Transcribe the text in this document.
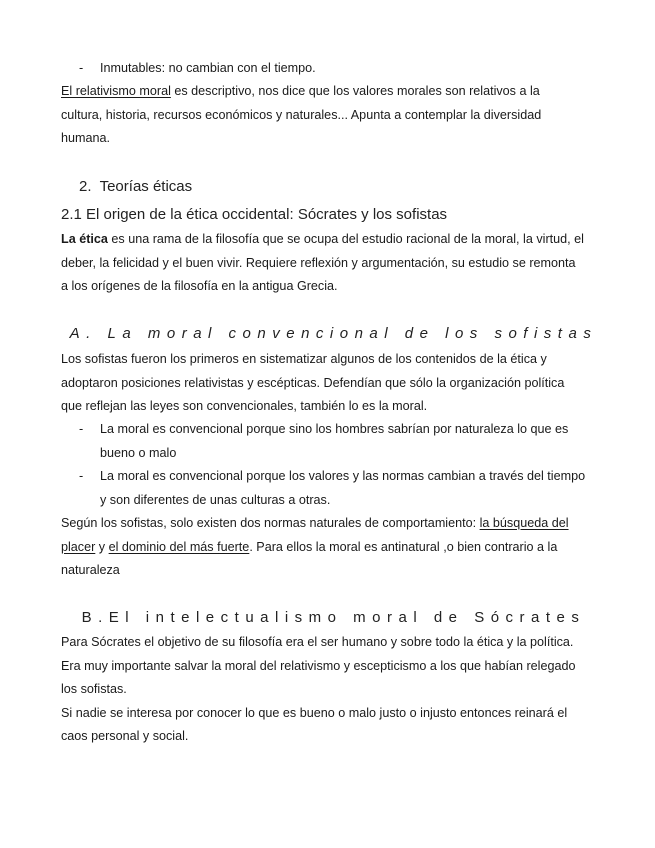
- Inmutables: no cambian con el tiempo.

El relativismo moral es descriptivo, nos dice que los valores morales son relativos a la
cultura, historia, recursos económicos y naturales... Apunta a contemplar la diversidad
humana.

2. Teorías éticas
2.1 El origen de la ética occidental: Sócrates y los sofistas

La ética es una rama de la filosofía que se ocupa del estudio racional de la moral, la virtud, el
deber, la felicidad y el buen vivir. Requiere reflexión y argumentación, su estudio se remonta
a los orígenes de la filosofía en la antigua Grecia.

A. La moral convencional de los sofistas

Los sofistas fueron los primeros en sistematizar algunos de los contenidos de la ética y
adoptaron posiciones relativistas y escépticas. Defendían que sólo la organización política
que reflejan las leyes son convencionales, también lo es la moral.

- La moral es convencional porque sino los hombres sabrían por naturaleza lo que es
bueno o malo
- La moral es convencional porque los valores y las normas cambian a través del tiempo
y son diferentes de unas culturas a otras.

Según los sofistas, solo existen dos normas naturales de comportamiento: la búsqueda del
placer y el dominio del más fuerte. Para ellos la moral es antinatural ,o bien contrario a la
naturaleza

B.El intelectualismo moral de Sócrates

Para Sócrates el objetivo de su filosofía era el ser humano y sobre todo la ética y la política.
Era muy importante salvar la moral del relativismo y escepticismo a los que habían relegado
los sofistas.
Si nadie se interesa por conocer lo que es bueno o malo justo o injusto entonces reinará el
caos personal y social.
